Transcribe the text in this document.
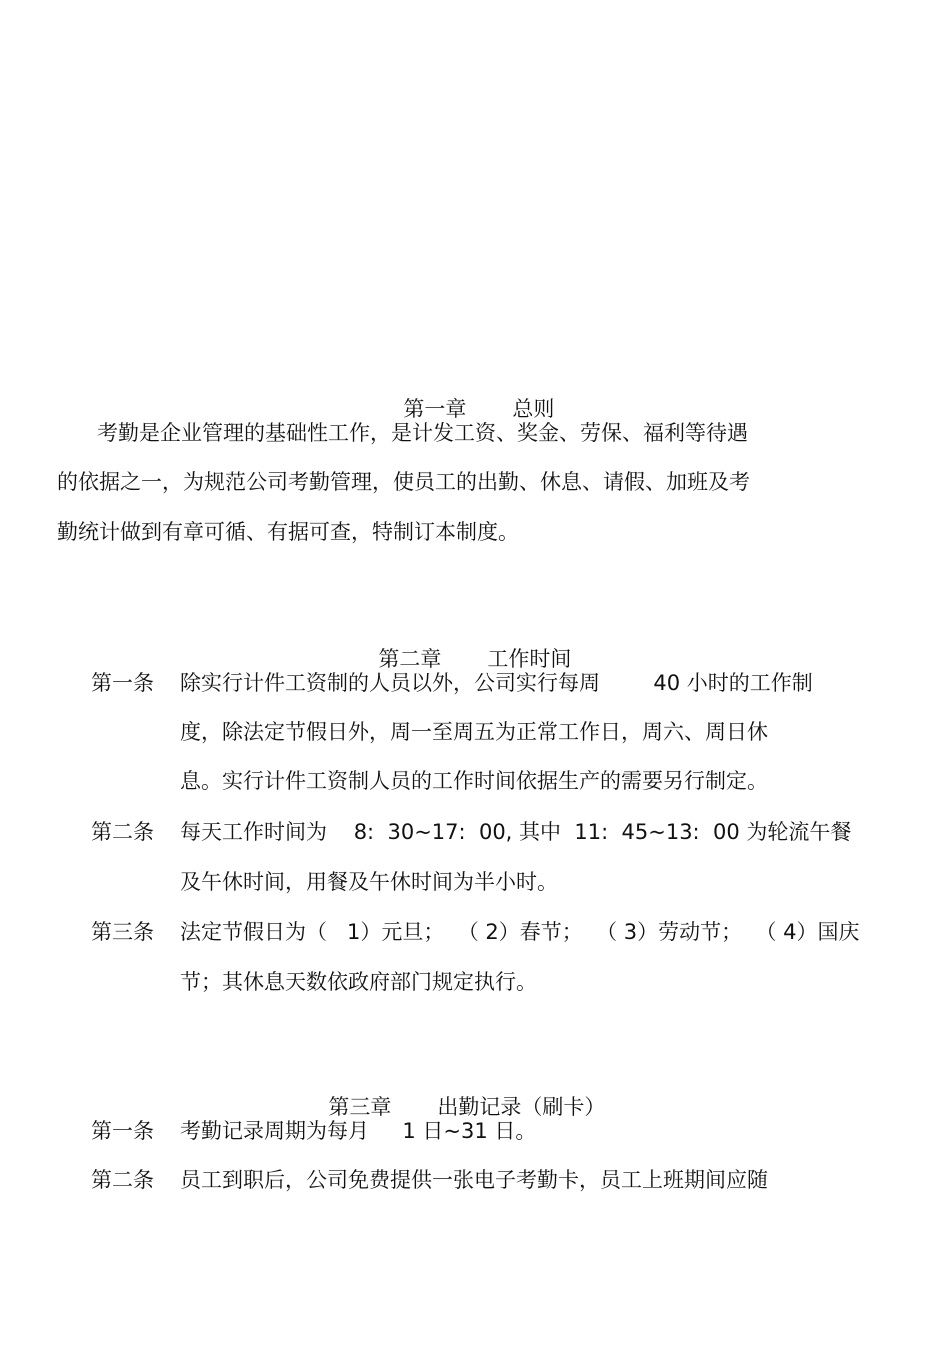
第一章 总则

考勤是企业管理的基础性工作，是计发工资、奖金、劳保、福利等待遇
的依据之一，为规范公司考勤管理，使员工的出勤、休息、请假、加班及考
勤统计做到有章可循、有据可查，特制订本制度。

第二章 工作时间

第一条 除实行计件工资制的人员以外，公司实行每周        40 小时的工作制
度，除法定节假日外，周一至周五为正常工作日，周六、周日休
息。实行计件工资制人员的工作时间依据生产的需要另行制定。
第二条 每天工作时间为    8:  30~17:  00, 其中  11:  45~13:  00 为轮流午餐
及午休时间，用餐及午休时间为半小时。
第三条 法定节假日为（   1）元旦；  （ 2）春节；  （ 3）劳动节；  （ 4）国庆
节；其休息天数依政府部门规定执行。

第三章 出勤记录（刷卡）

第一条 考勤记录周期为每月     1 日~31 日。
第二条 员工到职后，公司免费提供一张电子考勤卡，员工上班期间应随
